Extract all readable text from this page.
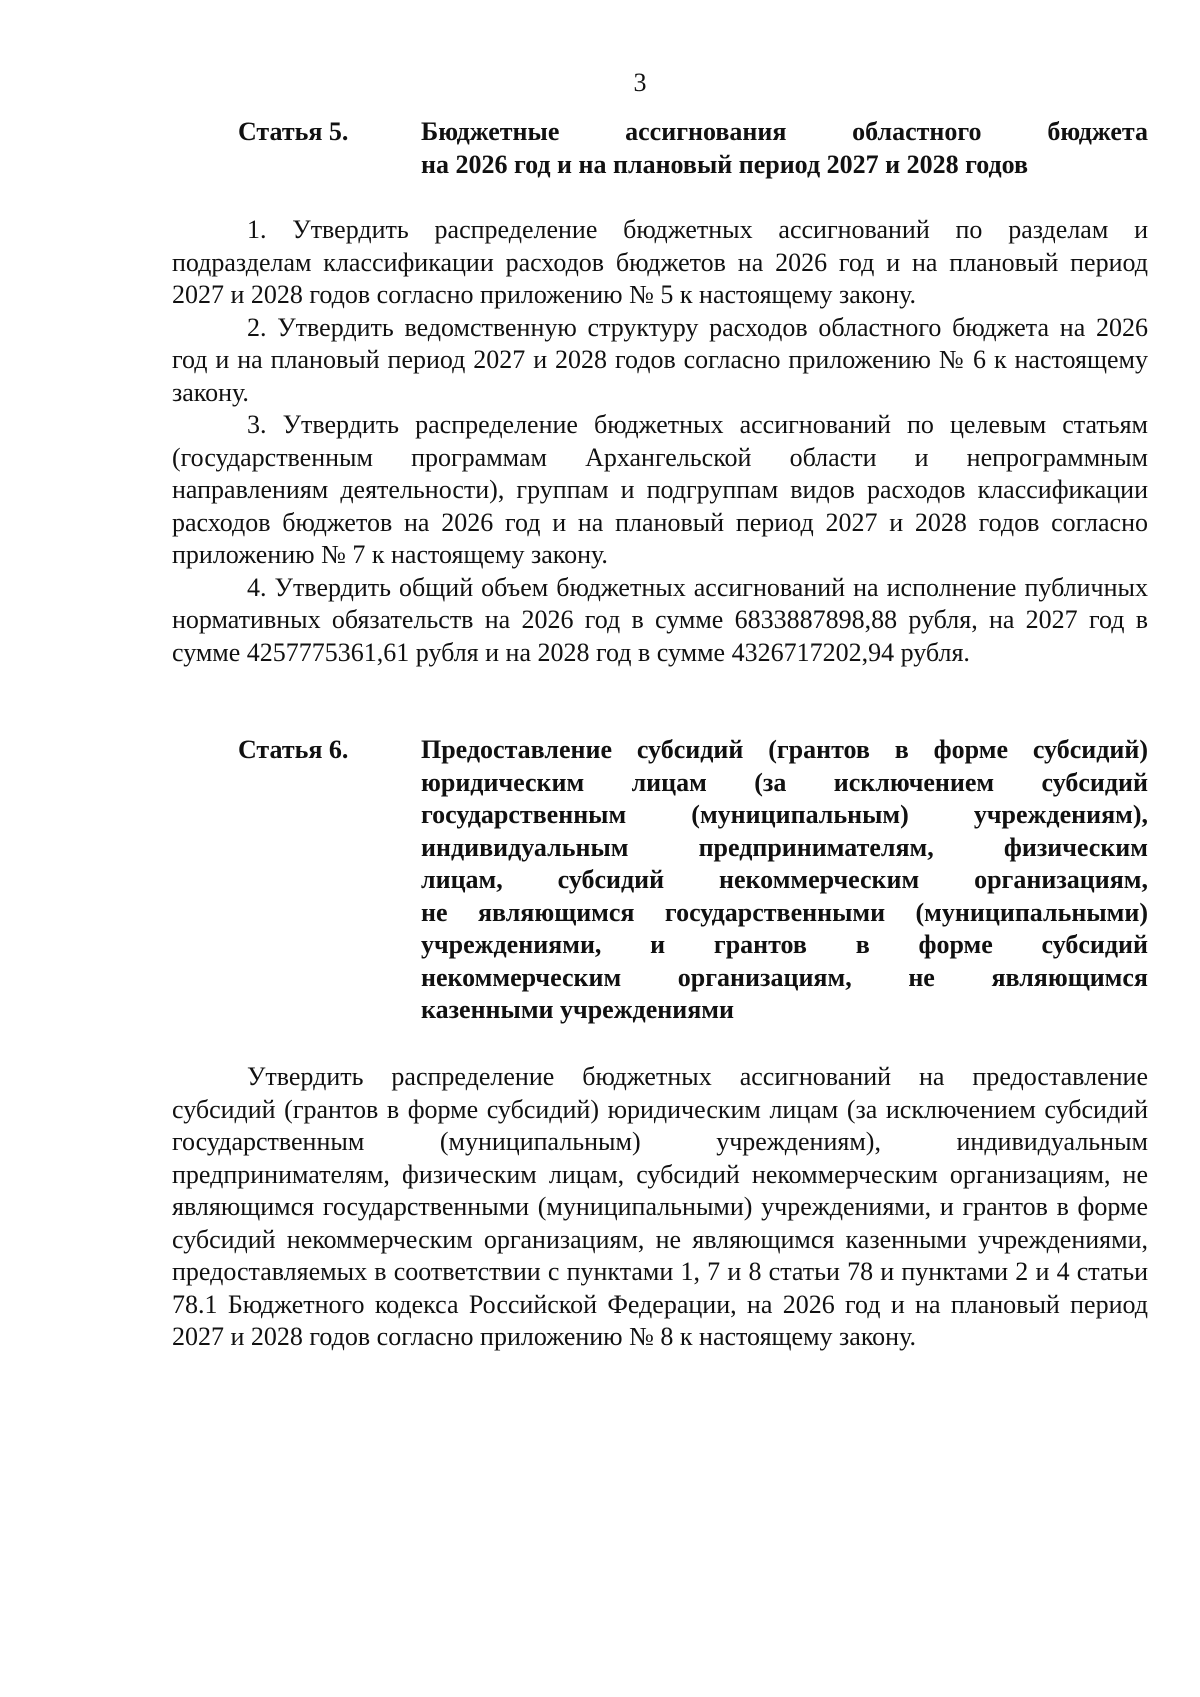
3
Статья 5.	Бюджетные ассигнования областного бюджета
на 2026 год и на плановый период 2027 и 2028 годов

1. Утвердить распределение бюджетных ассигнований по разделам и подразделам классификации расходов бюджетов на 2026 год и на плановый период 2027 и 2028 годов согласно приложению № 5 к настоящему закону.

2. Утвердить ведомственную структуру расходов областного бюджета на 2026 год и на плановый период 2027 и 2028 годов согласно приложению № 6 к настоящему закону.

3. Утвердить распределение бюджетных ассигнований по целевым статьям (государственным программам Архангельской области и непрограммным направлениям деятельности), группам и подгруппам видов расходов классификации расходов бюджетов на 2026 год и на плановый период 2027 и 2028 годов согласно приложению № 7 к настоящему закону.

4. Утвердить общий объем бюджетных ассигнований на исполнение публичных нормативных обязательств на 2026 год в сумме 6833887898,88 рубля, на 2027 год в сумме 4257775361,61 рубля и на 2028 год в сумме 4326717202,94 рубля.

Статья 6.	Предоставление субсидий (грантов в форме субсидий)
юридическим лицам (за исключением субсидий
государственным (муниципальным) учреждениям),
индивидуальным предпринимателям, физическим
лицам, субсидий некоммерческим организациям,
не являющимся государственными (муниципальными)
учреждениями, и грантов в форме субсидий
некоммерческим организациям, не являющимся
казенными учреждениями

Утвердить распределение бюджетных ассигнований на предоставление субсидий (грантов в форме субсидий) юридическим лицам (за исключением субсидий государственным (муниципальным) учреждениям), индивидуальным предпринимателям, физическим лицам, субсидий некоммерческим организациям, не являющимся государственными (муниципальными) учреждениями, и грантов в форме субсидий некоммерческим организациям, не являющимся казенными учреждениями, предоставляемых в соответствии с пунктами 1, 7 и 8 статьи 78 и пунктами 2 и 4 статьи 78.1 Бюджетного кодекса Российской Федерации, на 2026 год и на плановый период 2027 и 2028 годов согласно приложению № 8 к настоящему закону.
